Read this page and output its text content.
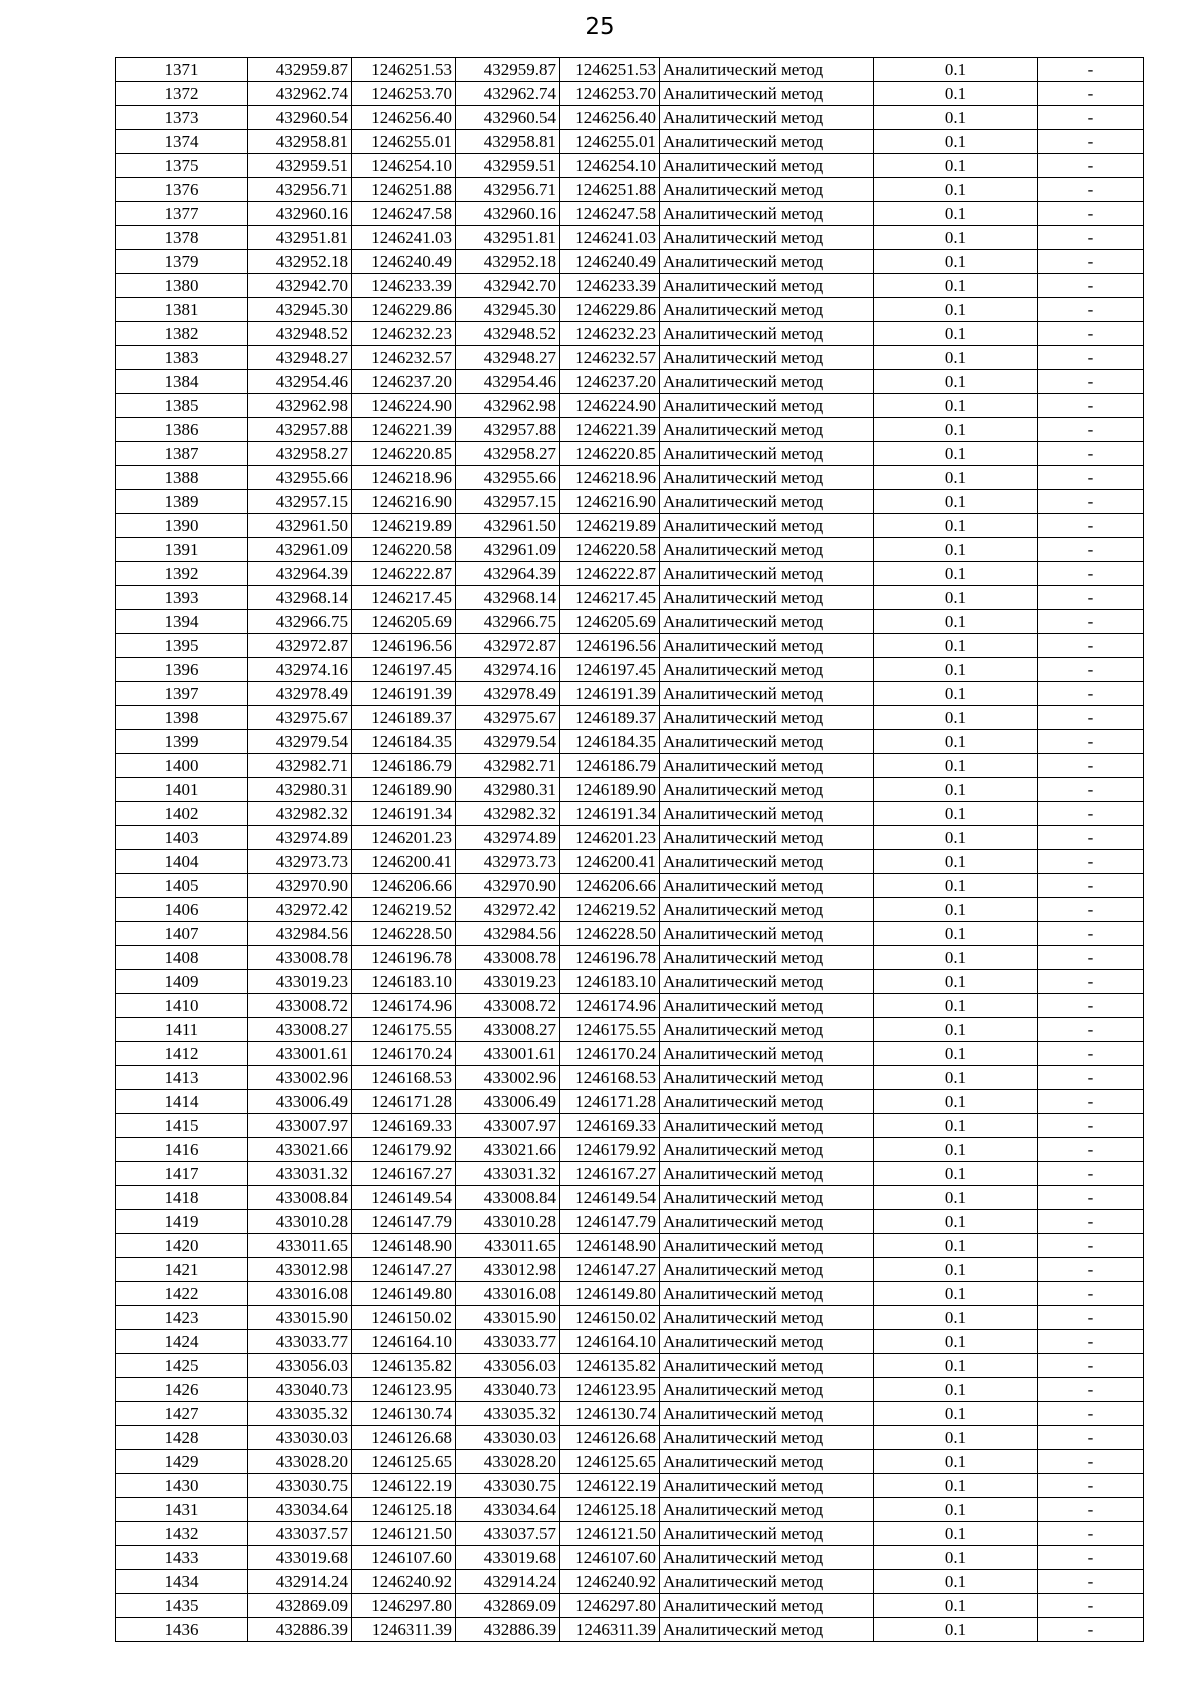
25
1371	432959.87	1246251.53	432959.87	1246251.53	Аналитический метод	0.1	-
1372	432962.74	1246253.70	432962.74	1246253.70	Аналитический метод	0.1	-
1373	432960.54	1246256.40	432960.54	1246256.40	Аналитический метод	0.1	-
1374	432958.81	1246255.01	432958.81	1246255.01	Аналитический метод	0.1	-
1375	432959.51	1246254.10	432959.51	1246254.10	Аналитический метод	0.1	-
1376	432956.71	1246251.88	432956.71	1246251.88	Аналитический метод	0.1	-
1377	432960.16	1246247.58	432960.16	1246247.58	Аналитический метод	0.1	-
1378	432951.81	1246241.03	432951.81	1246241.03	Аналитический метод	0.1	-
1379	432952.18	1246240.49	432952.18	1246240.49	Аналитический метод	0.1	-
1380	432942.70	1246233.39	432942.70	1246233.39	Аналитический метод	0.1	-
1381	432945.30	1246229.86	432945.30	1246229.86	Аналитический метод	0.1	-
1382	432948.52	1246232.23	432948.52	1246232.23	Аналитический метод	0.1	-
1383	432948.27	1246232.57	432948.27	1246232.57	Аналитический метод	0.1	-
1384	432954.46	1246237.20	432954.46	1246237.20	Аналитический метод	0.1	-
1385	432962.98	1246224.90	432962.98	1246224.90	Аналитический метод	0.1	-
1386	432957.88	1246221.39	432957.88	1246221.39	Аналитический метод	0.1	-
1387	432958.27	1246220.85	432958.27	1246220.85	Аналитический метод	0.1	-
1388	432955.66	1246218.96	432955.66	1246218.96	Аналитический метод	0.1	-
1389	432957.15	1246216.90	432957.15	1246216.90	Аналитический метод	0.1	-
1390	432961.50	1246219.89	432961.50	1246219.89	Аналитический метод	0.1	-
1391	432961.09	1246220.58	432961.09	1246220.58	Аналитический метод	0.1	-
1392	432964.39	1246222.87	432964.39	1246222.87	Аналитический метод	0.1	-
1393	432968.14	1246217.45	432968.14	1246217.45	Аналитический метод	0.1	-
1394	432966.75	1246205.69	432966.75	1246205.69	Аналитический метод	0.1	-
1395	432972.87	1246196.56	432972.87	1246196.56	Аналитический метод	0.1	-
1396	432974.16	1246197.45	432974.16	1246197.45	Аналитический метод	0.1	-
1397	432978.49	1246191.39	432978.49	1246191.39	Аналитический метод	0.1	-
1398	432975.67	1246189.37	432975.67	1246189.37	Аналитический метод	0.1	-
1399	432979.54	1246184.35	432979.54	1246184.35	Аналитический метод	0.1	-
1400	432982.71	1246186.79	432982.71	1246186.79	Аналитический метод	0.1	-
1401	432980.31	1246189.90	432980.31	1246189.90	Аналитический метод	0.1	-
1402	432982.32	1246191.34	432982.32	1246191.34	Аналитический метод	0.1	-
1403	432974.89	1246201.23	432974.89	1246201.23	Аналитический метод	0.1	-
1404	432973.73	1246200.41	432973.73	1246200.41	Аналитический метод	0.1	-
1405	432970.90	1246206.66	432970.90	1246206.66	Аналитический метод	0.1	-
1406	432972.42	1246219.52	432972.42	1246219.52	Аналитический метод	0.1	-
1407	432984.56	1246228.50	432984.56	1246228.50	Аналитический метод	0.1	-
1408	433008.78	1246196.78	433008.78	1246196.78	Аналитический метод	0.1	-
1409	433019.23	1246183.10	433019.23	1246183.10	Аналитический метод	0.1	-
1410	433008.72	1246174.96	433008.72	1246174.96	Аналитический метод	0.1	-
1411	433008.27	1246175.55	433008.27	1246175.55	Аналитический метод	0.1	-
1412	433001.61	1246170.24	433001.61	1246170.24	Аналитический метод	0.1	-
1413	433002.96	1246168.53	433002.96	1246168.53	Аналитический метод	0.1	-
1414	433006.49	1246171.28	433006.49	1246171.28	Аналитический метод	0.1	-
1415	433007.97	1246169.33	433007.97	1246169.33	Аналитический метод	0.1	-
1416	433021.66	1246179.92	433021.66	1246179.92	Аналитический метод	0.1	-
1417	433031.32	1246167.27	433031.32	1246167.27	Аналитический метод	0.1	-
1418	433008.84	1246149.54	433008.84	1246149.54	Аналитический метод	0.1	-
1419	433010.28	1246147.79	433010.28	1246147.79	Аналитический метод	0.1	-
1420	433011.65	1246148.90	433011.65	1246148.90	Аналитический метод	0.1	-
1421	433012.98	1246147.27	433012.98	1246147.27	Аналитический метод	0.1	-
1422	433016.08	1246149.80	433016.08	1246149.80	Аналитический метод	0.1	-
1423	433015.90	1246150.02	433015.90	1246150.02	Аналитический метод	0.1	-
1424	433033.77	1246164.10	433033.77	1246164.10	Аналитический метод	0.1	-
1425	433056.03	1246135.82	433056.03	1246135.82	Аналитический метод	0.1	-
1426	433040.73	1246123.95	433040.73	1246123.95	Аналитический метод	0.1	-
1427	433035.32	1246130.74	433035.32	1246130.74	Аналитический метод	0.1	-
1428	433030.03	1246126.68	433030.03	1246126.68	Аналитический метод	0.1	-
1429	433028.20	1246125.65	433028.20	1246125.65	Аналитический метод	0.1	-
1430	433030.75	1246122.19	433030.75	1246122.19	Аналитический метод	0.1	-
1431	433034.64	1246125.18	433034.64	1246125.18	Аналитический метод	0.1	-
1432	433037.57	1246121.50	433037.57	1246121.50	Аналитический метод	0.1	-
1433	433019.68	1246107.60	433019.68	1246107.60	Аналитический метод	0.1	-
1434	432914.24	1246240.92	432914.24	1246240.92	Аналитический метод	0.1	-
1435	432869.09	1246297.80	432869.09	1246297.80	Аналитический метод	0.1	-
1436	432886.39	1246311.39	432886.39	1246311.39	Аналитический метод	0.1	-
